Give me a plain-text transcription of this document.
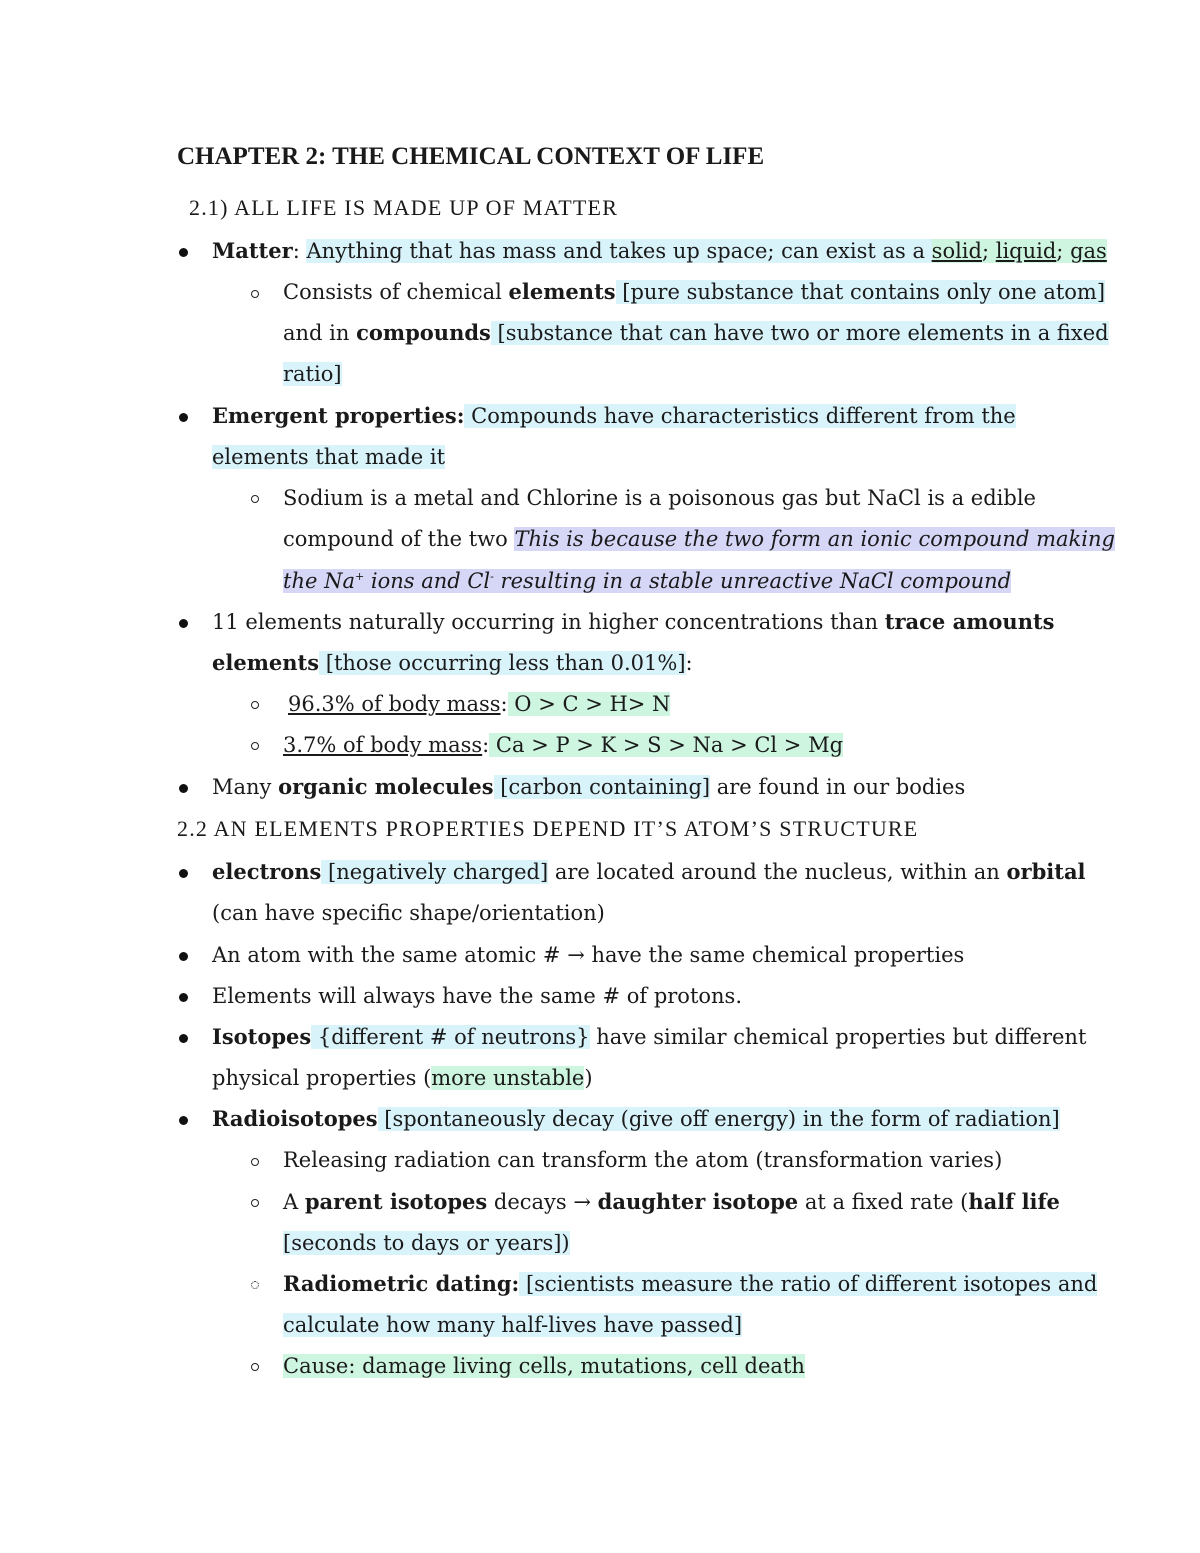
CHAPTER 2: THE CHEMICAL CONTEXT OF LIFE
2.1) ALL LIFE IS MADE UP OF MATTER
Matter: Anything that has mass and takes up space; can exist as a solid; liquid; gas
Consists of chemical elements [pure substance that contains only one atom]
and in compounds [substance that can have two or more elements in a fixed
ratio]
Emergent properties: Compounds have characteristics different from the
elements that made it
Sodium is a metal and Chlorine is a poisonous gas but NaCl is a edible
compound of the two This is because the two form an ionic compound making
the Na+ ions and Cl- resulting in a stable unreactive NaCl compound
11 elements naturally occurring in higher concentrations than trace amounts
elements [those occurring less than 0.01%]:
96.3% of body mass: O > C > H> N
3.7% of body mass: Ca > P > K > S > Na > Cl > Mg
Many organic molecules [carbon containing] are found in our bodies
2.2 AN ELEMENTS PROPERTIES DEPEND IT’S ATOM’S STRUCTURE
electrons [negatively charged] are located around the nucleus, within an orbital
(can have specific shape/orientation)
An atom with the same atomic # → have the same chemical properties
Elements will always have the same # of protons.
Isotopes {different # of neutrons} have similar chemical properties but different
physical properties (more unstable)
Radioisotopes [spontaneously decay (give off energy) in the form of radiation]
Releasing radiation can transform the atom (transformation varies)
A parent isotopes decays → daughter isotope at a fixed rate (half life
[seconds to days or years])
Radiometric dating: [scientists measure the ratio of different isotopes and
calculate how many half-lives have passed]
Cause: damage living cells, mutations, cell death
